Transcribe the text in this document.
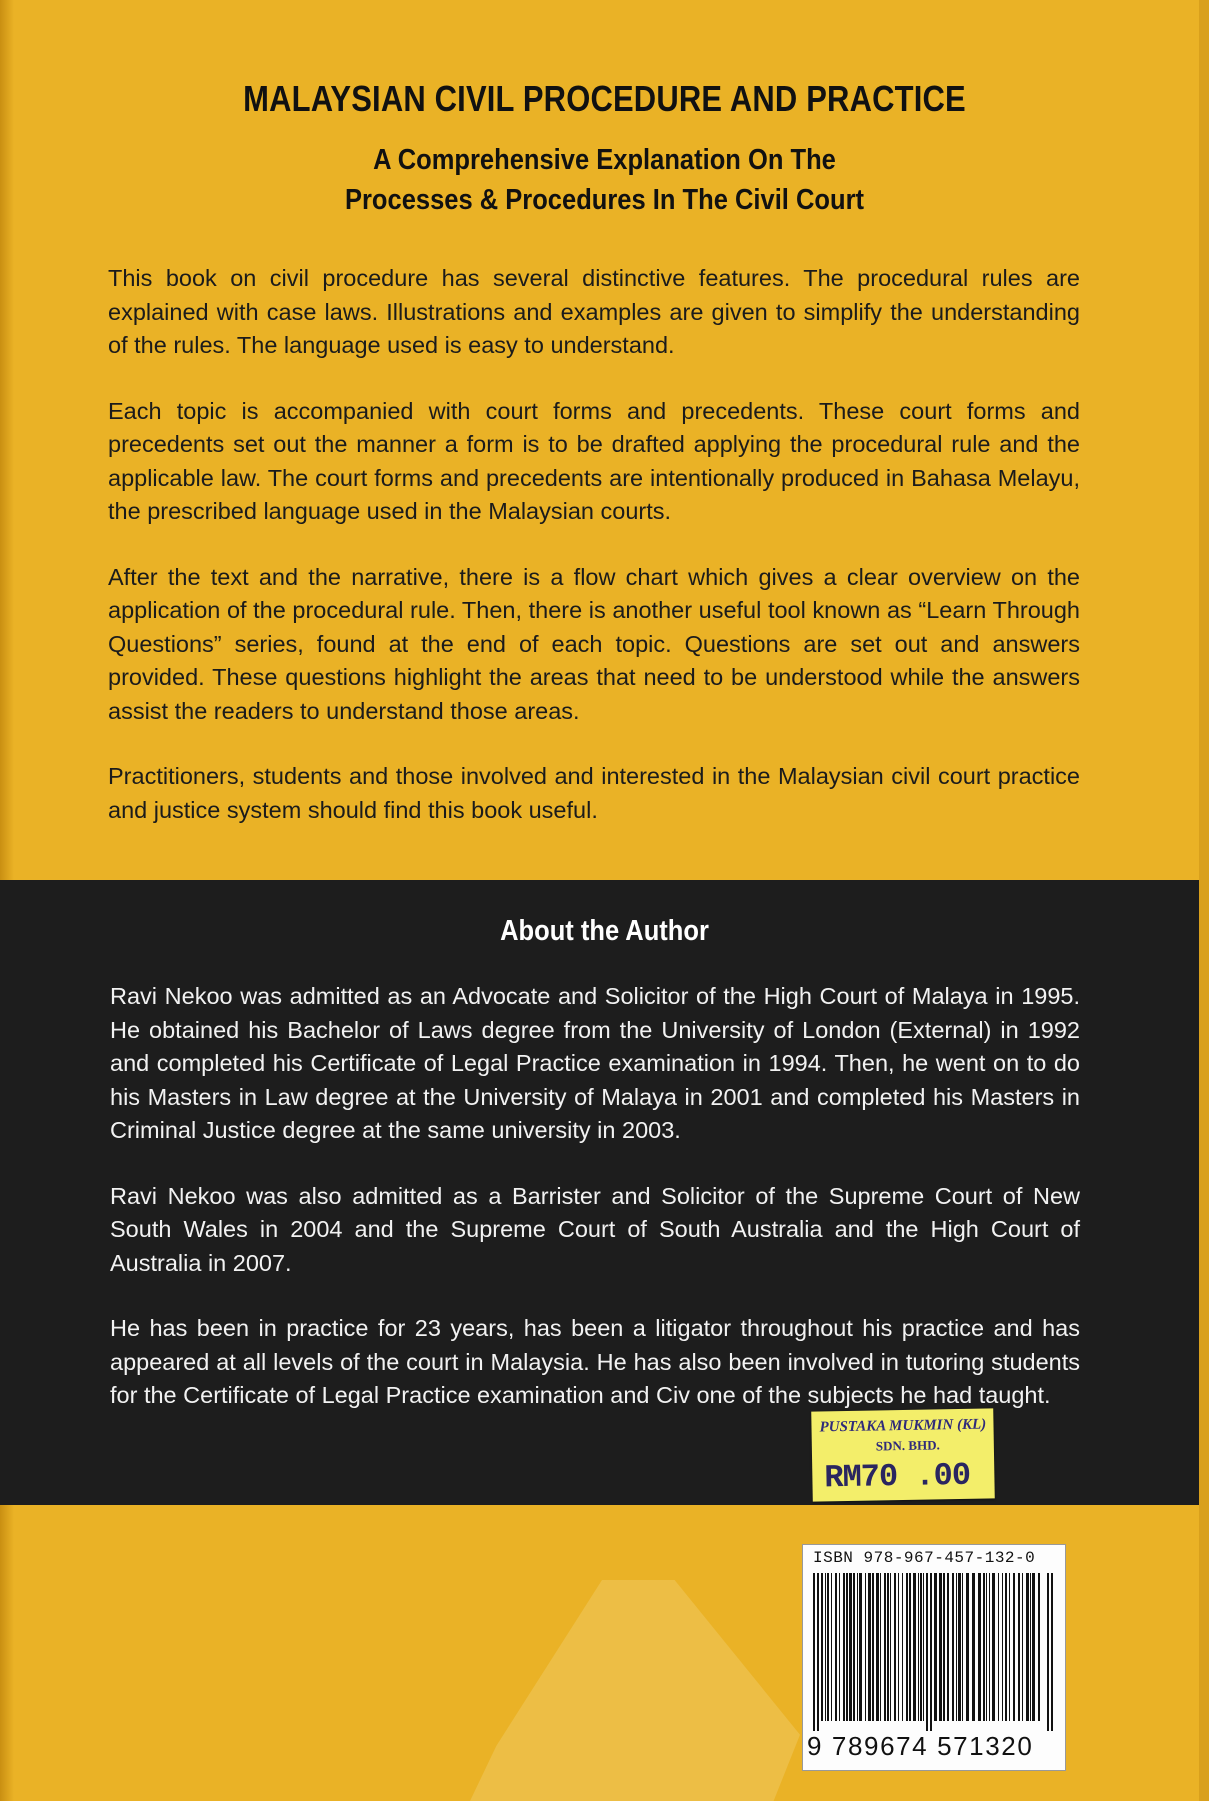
MALAYSIAN CIVIL PROCEDURE AND PRACTICE
A Comprehensive Explanation On The
Processes & Procedures In The Civil Court

This book on civil procedure has several distinctive features. The procedural rules are explained with case laws. Illustrations and examples are given to simplify the understanding of the rules. The language used is easy to understand.

Each topic is accompanied with court forms and precedents. These court forms and precedents set out the manner a form is to be drafted applying the procedural rule and the applicable law. The court forms and precedents are intentionally produced in Bahasa Melayu, the prescribed language used in the Malaysian courts.

After the text and the narrative, there is a flow chart which gives a clear overview on the application of the procedural rule. Then, there is another useful tool known as “Learn Through Questions” series, found at the end of each topic. Questions are set out and answers provided. These questions highlight the areas that need to be understood while the answers assist the readers to understand those areas.

Practitioners, students and those involved and interested in the Malaysian civil court practice and justice system should find this book useful.

About the Author

Ravi Nekoo was admitted as an Advocate and Solicitor of the High Court of Malaya in 1995. He obtained his Bachelor of Laws degree from the University of London (External) in 1992 and completed his Certificate of Legal Practice examination in 1994. Then, he went on to do his Masters in Law degree at the University of Malaya in 2001 and completed his Masters in Criminal Justice degree at the same university in 2003.

Ravi Nekoo was also admitted as a Barrister and Solicitor of the Supreme Court of New South Wales in 2004 and the Supreme Court of South Australia and the High Court of Australia in 2007.

He has been in practice for 23 years, has been a litigator throughout his practice and has appeared at all levels of the court in Malaysia. He has also been involved in tutoring students for the Certificate of Legal Practice examination and Civ one of the subjects he had taught.

PUSTAKA MUKMIN (KL)
SDN. BHD.
RM70 .00
ISBN 978-967-457-132-0
9 789674 571320
